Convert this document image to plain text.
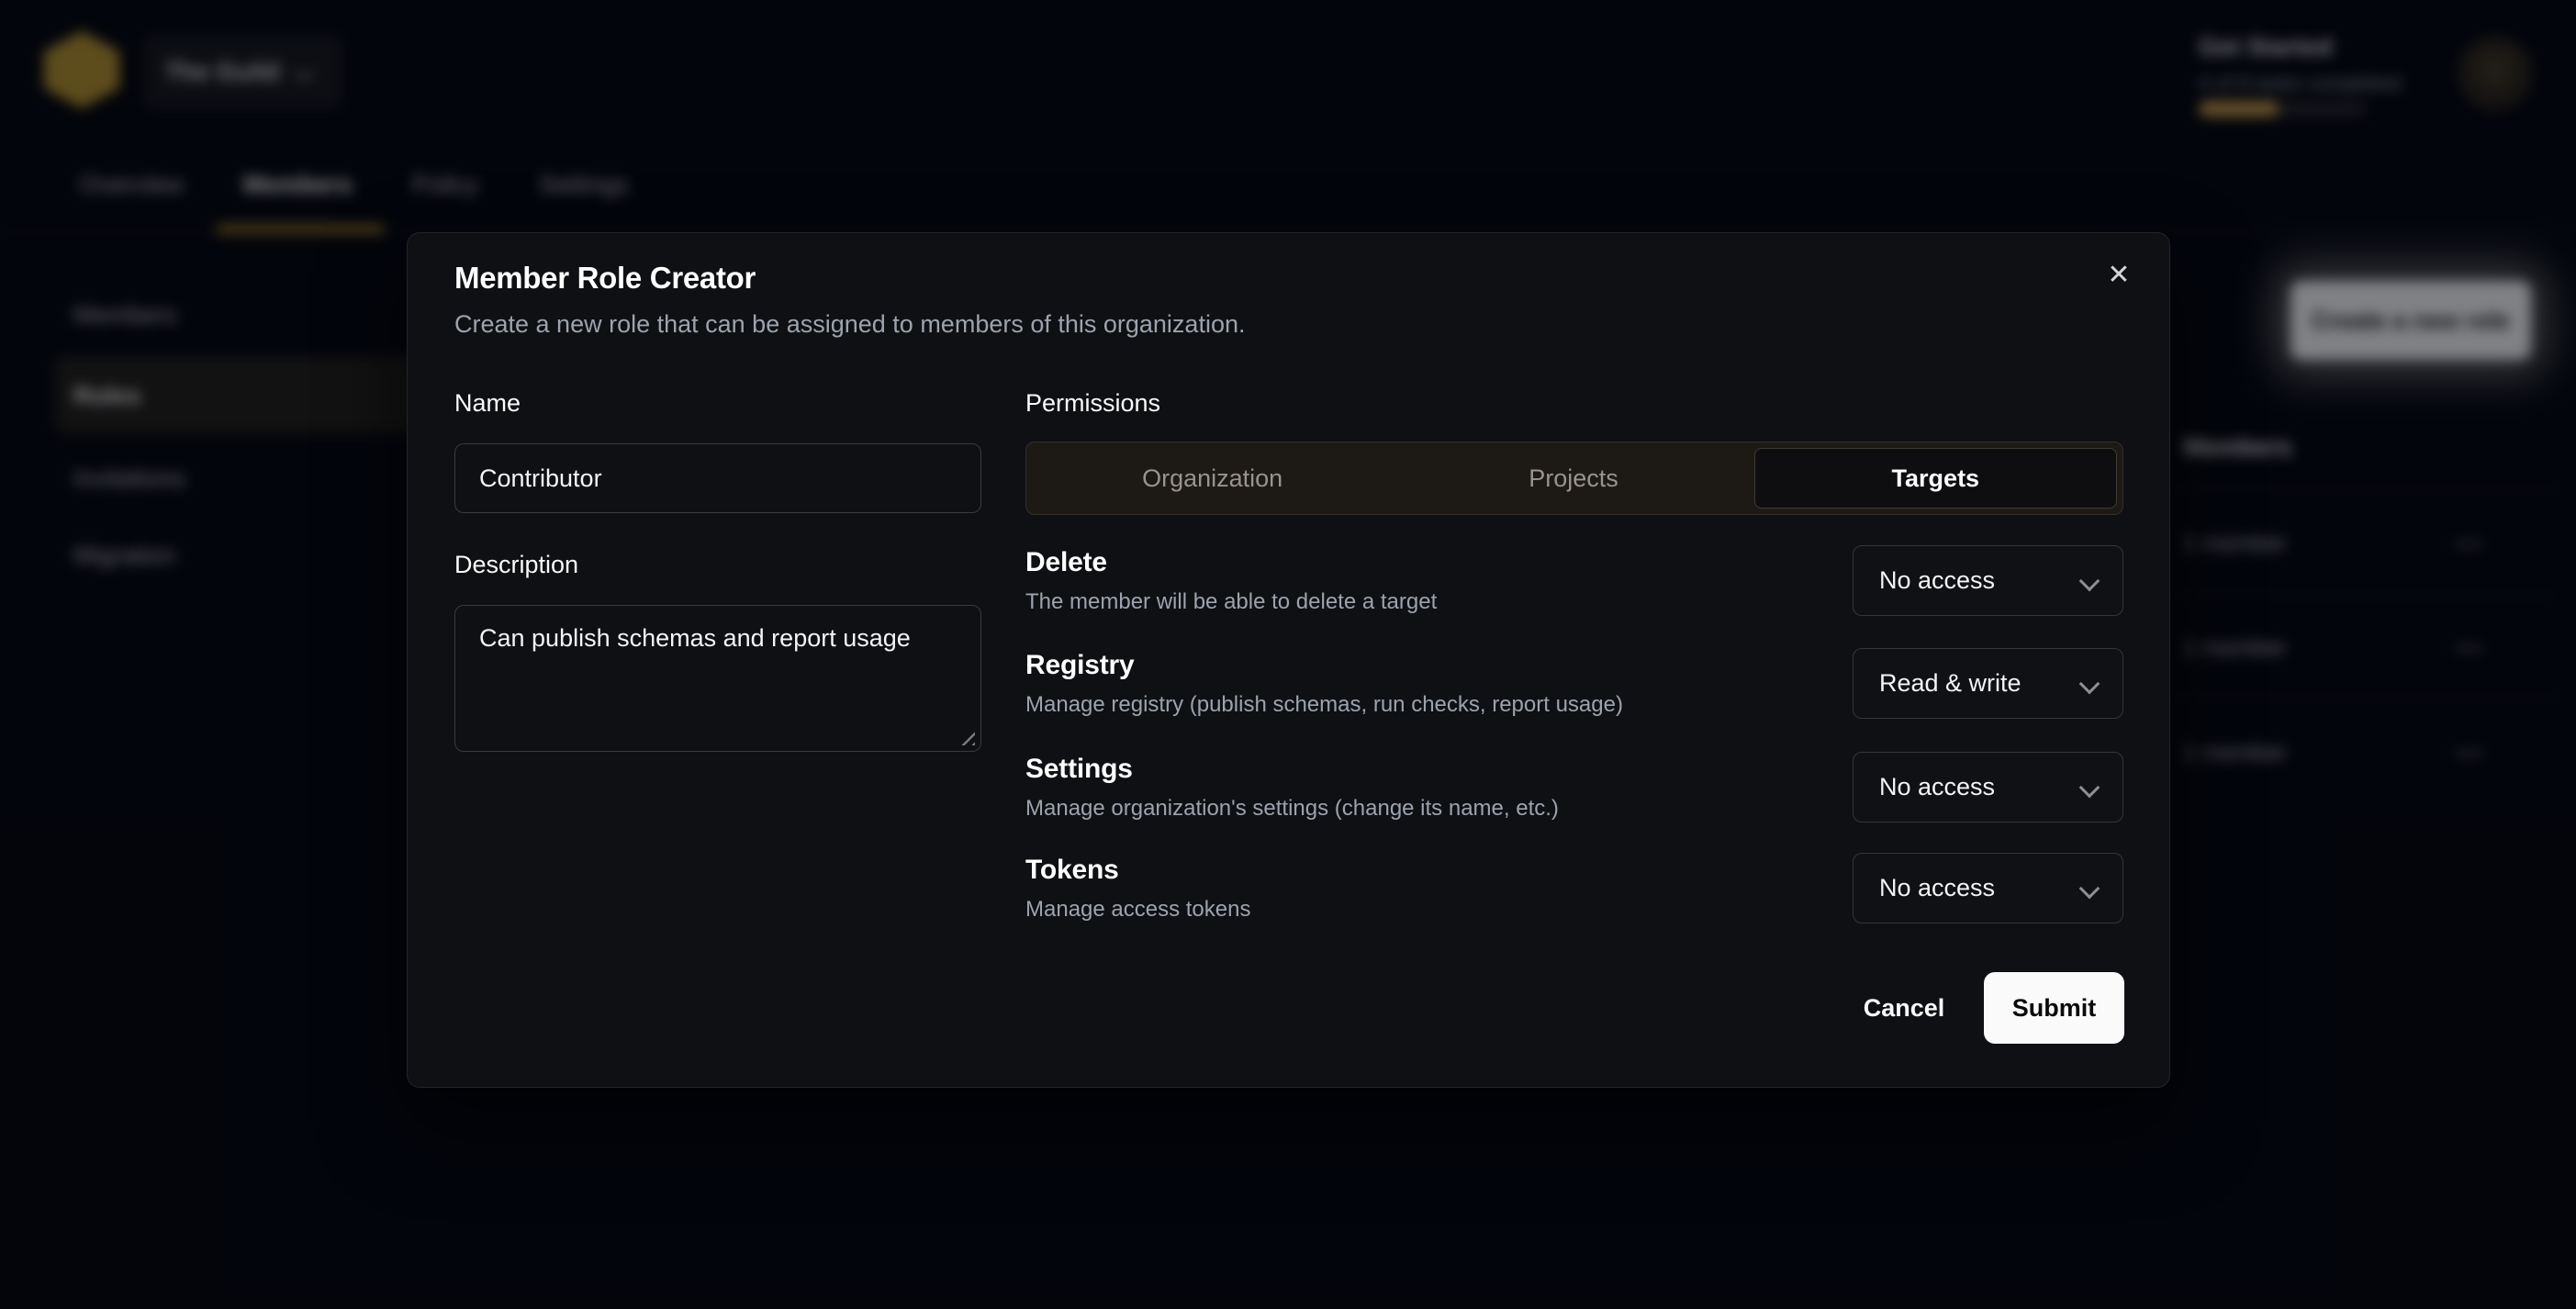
Member Role Creator
Create a new role that can be assigned to members of this organization.
✕
Name
Contributor
Description
Can publish schemas and report usage
Permissions
Organization	Projects	Targets
Delete
The member will be able to delete a target
No access
Registry
Manage registry (publish schemas, run checks, report usage)
Read & write
Settings
Manage organization's settings (change its name, etc.)
No access
Tokens
Manage access tokens
No access
Cancel	Submit
